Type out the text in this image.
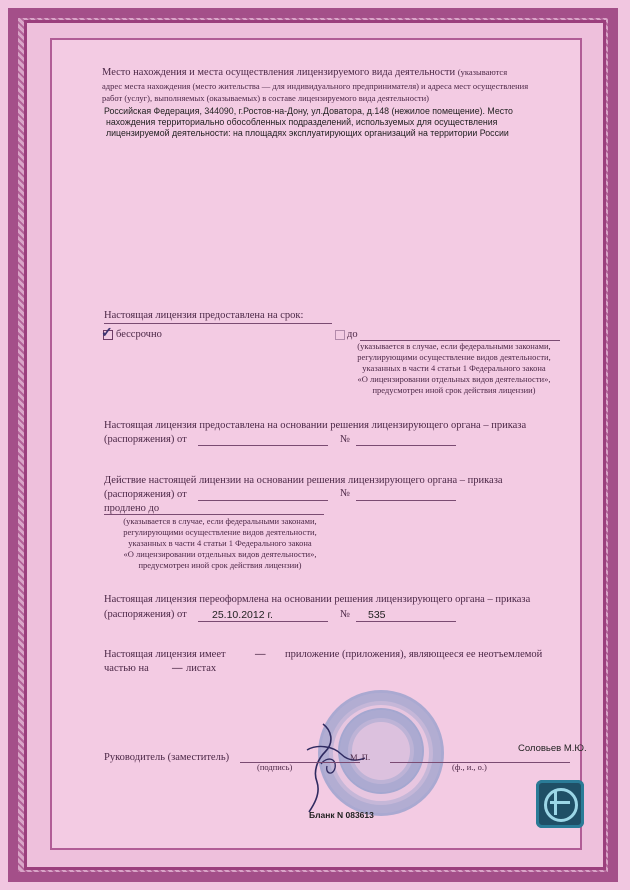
Место нахождения и места осуществления лицензируемого вида деятельности (указываются
адрес места нахождения (место жительства — для индивидуального предпринимателя) и адреса мест осуществления
работ (услуг), выполняемых (оказываемых) в составе лицензируемого вида деятельности)
Российская Федерация, 344090, г.Ростов-на-Дону, ул.Доватора, д.148 (нежилое помещение). Место
нахождения территориально обособленных подразделений, используемых для осуществления
лицензируемой деятельности: на площадях эксплуатирующих организаций на территории России
Настоящая лицензия предоставлена на срок:
✓ бессрочно	до
(указывается в случае, если федеральными законами,
регулирующими осуществление видов деятельности,
указанных в части 4 статьи 1 Федерального закона
«О лицензировании отдельных видов деятельности»,
предусмотрен иной срок действия лицензии)
Настоящая лицензия предоставлена на основании решения лицензирующего органа – приказа
(распоряжения) от	№
Действие настоящей лицензии на основании решения лицензирующего органа – приказа
(распоряжения) от	№
продлено до
(указывается в случае, если федеральными законами,
регулирующими осуществление видов деятельности,
указанных в части 4 статьи 1 Федерального закона
«О лицензировании отдельных видов деятельности»,
предусмотрен иной срок действия лицензии)
Настоящая лицензия переоформлена на основании решения лицензирующего органа – приказа
(распоряжения) от 25.10.2012 г.	№ 535
Настоящая лицензия имеет	— приложение (приложения), являющееся ее неотъемлемой
частью на — листах
Руководитель (заместитель)
(подпись)
М. П.
Соловьев М.Ю.
(ф., и., о.)
Бланк N 083613
